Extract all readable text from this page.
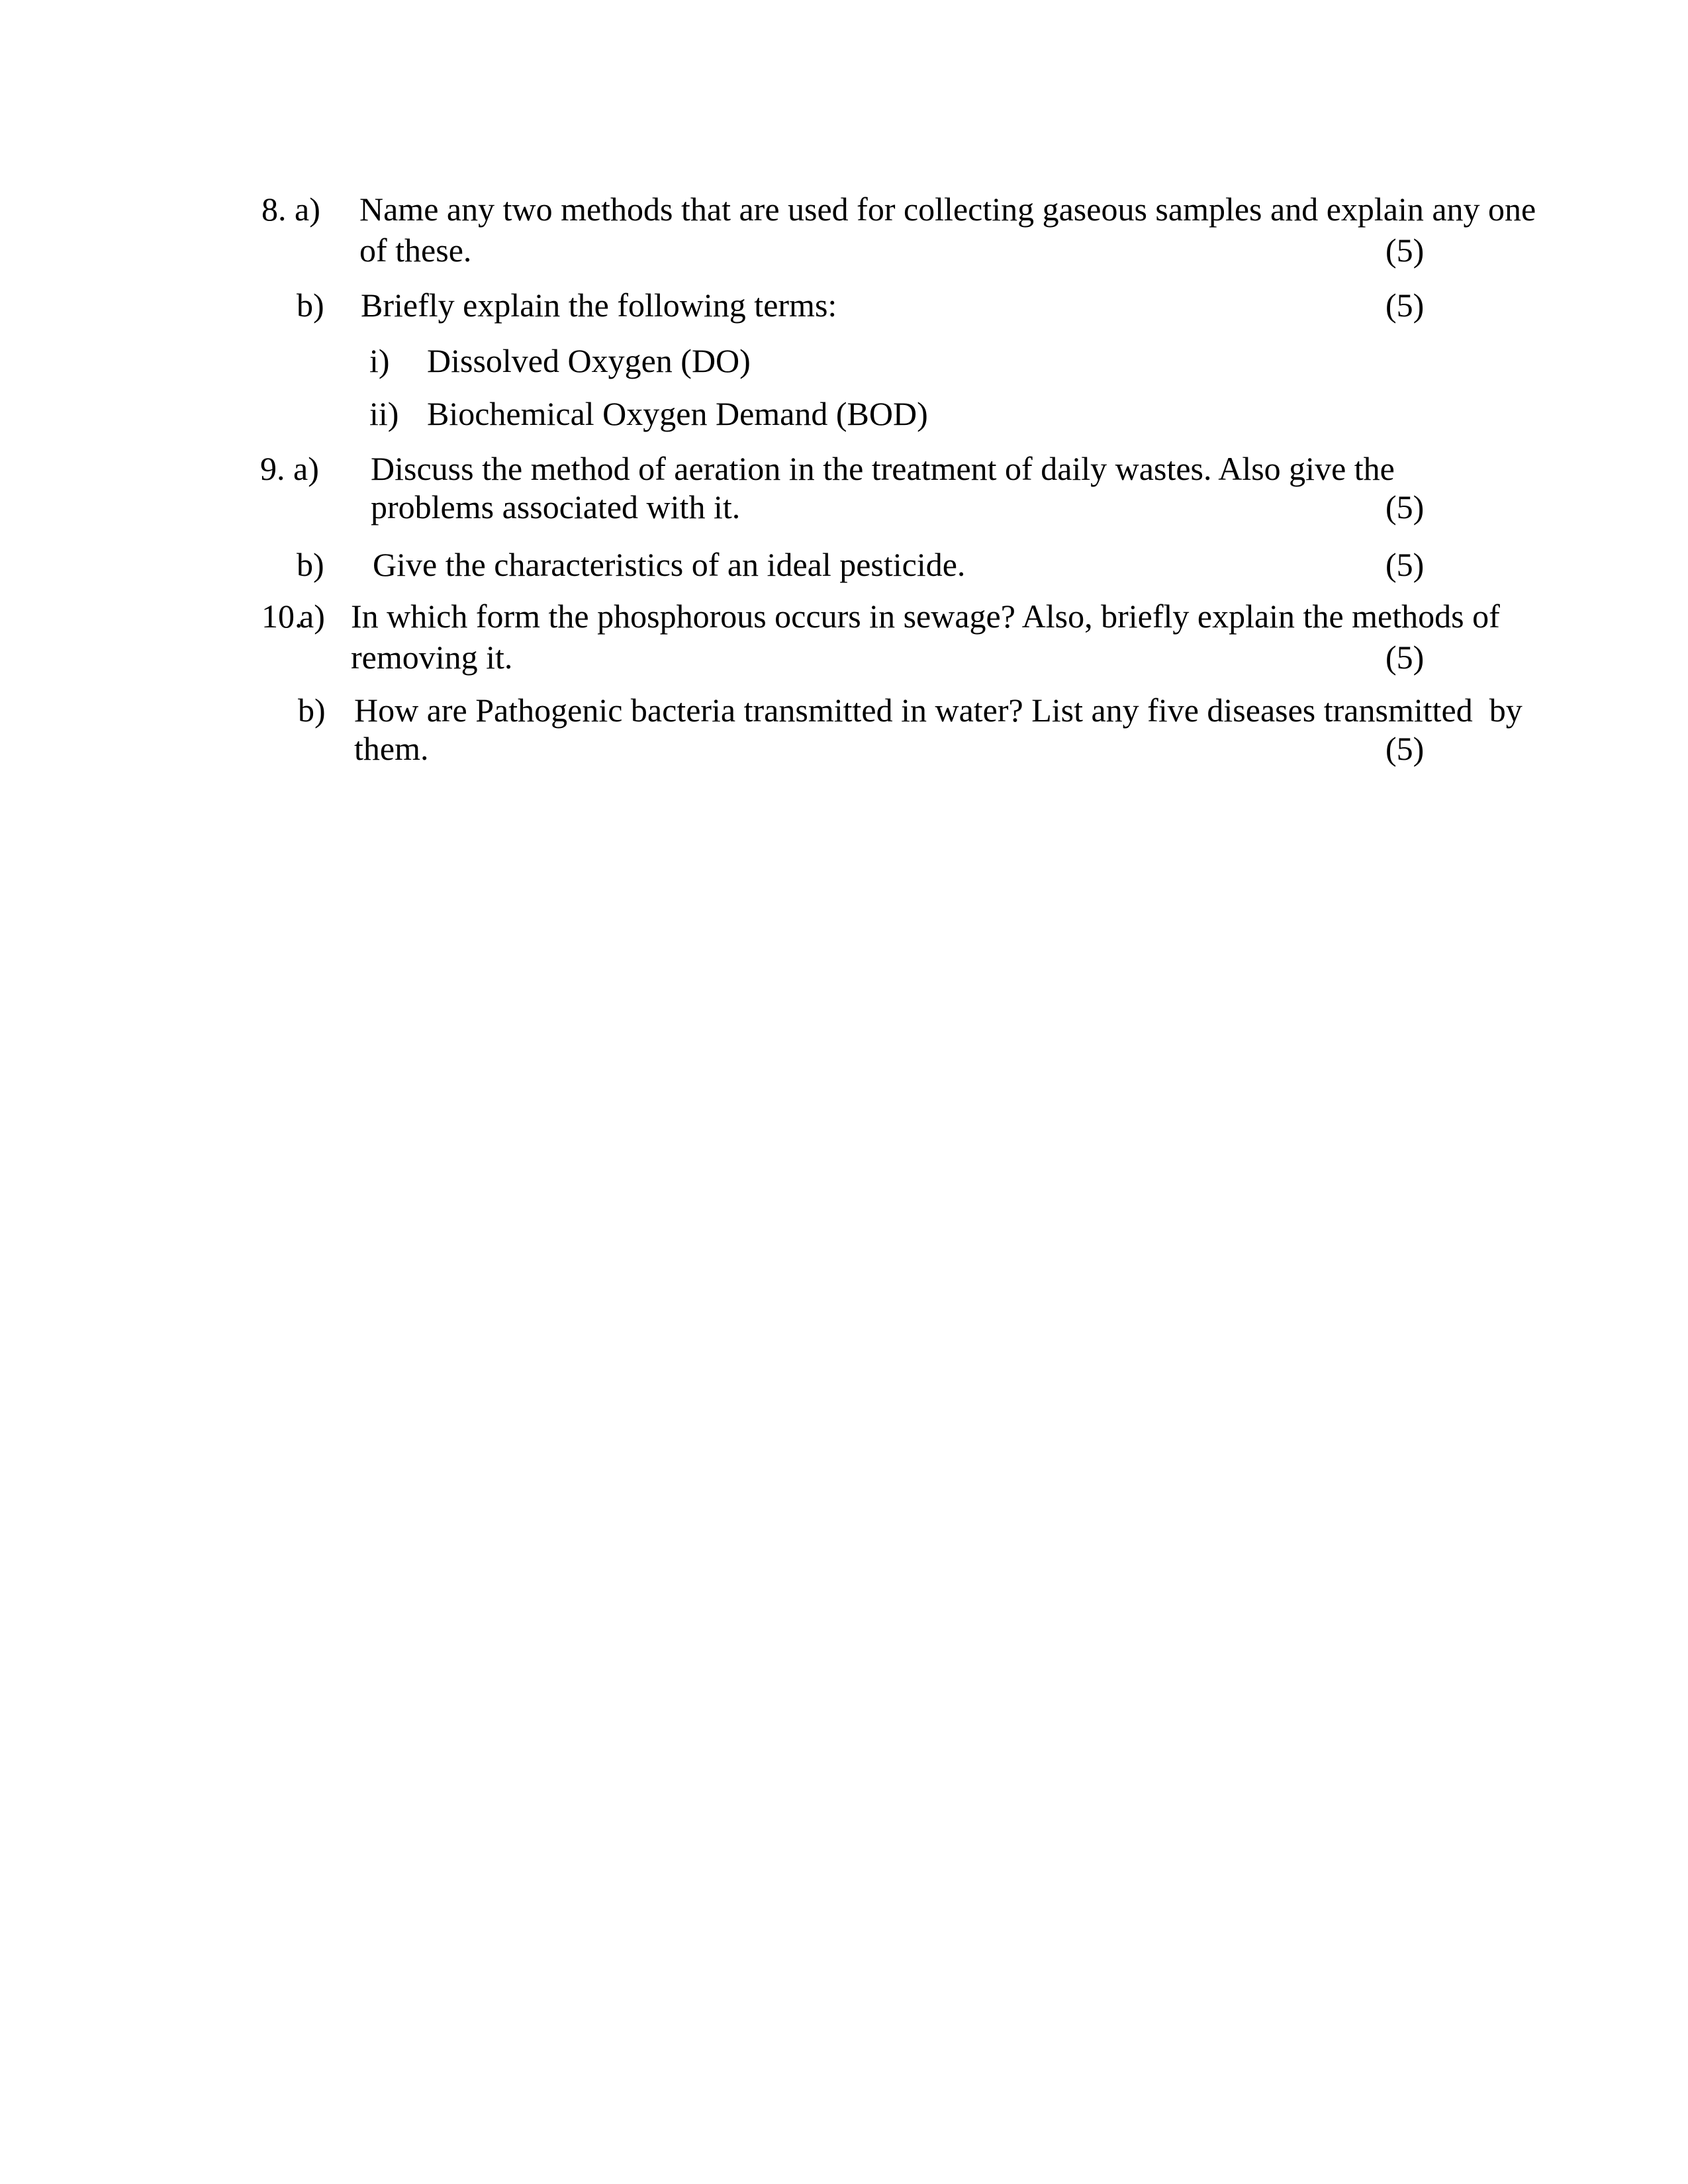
8. a) Name any two methods that are used for collecting gaseous samples and explain any one
of these.	(5)
b) Briefly explain the following terms:	(5)
i) Dissolved Oxygen (DO)
ii) Biochemical Oxygen Demand (BOD)
9. a) Discuss the method of aeration in the treatment of daily wastes. Also give the
problems associated with it.	(5)
b) Give the characteristics of an ideal pesticide.	(5)
10.
a) In which form the phosphorous occurs in sewage? Also, briefly explain the methods of
removing it.	(5)
b) How are Pathogenic bacteria transmitted in water? List any five diseases transmitted  by
them.	(5)
